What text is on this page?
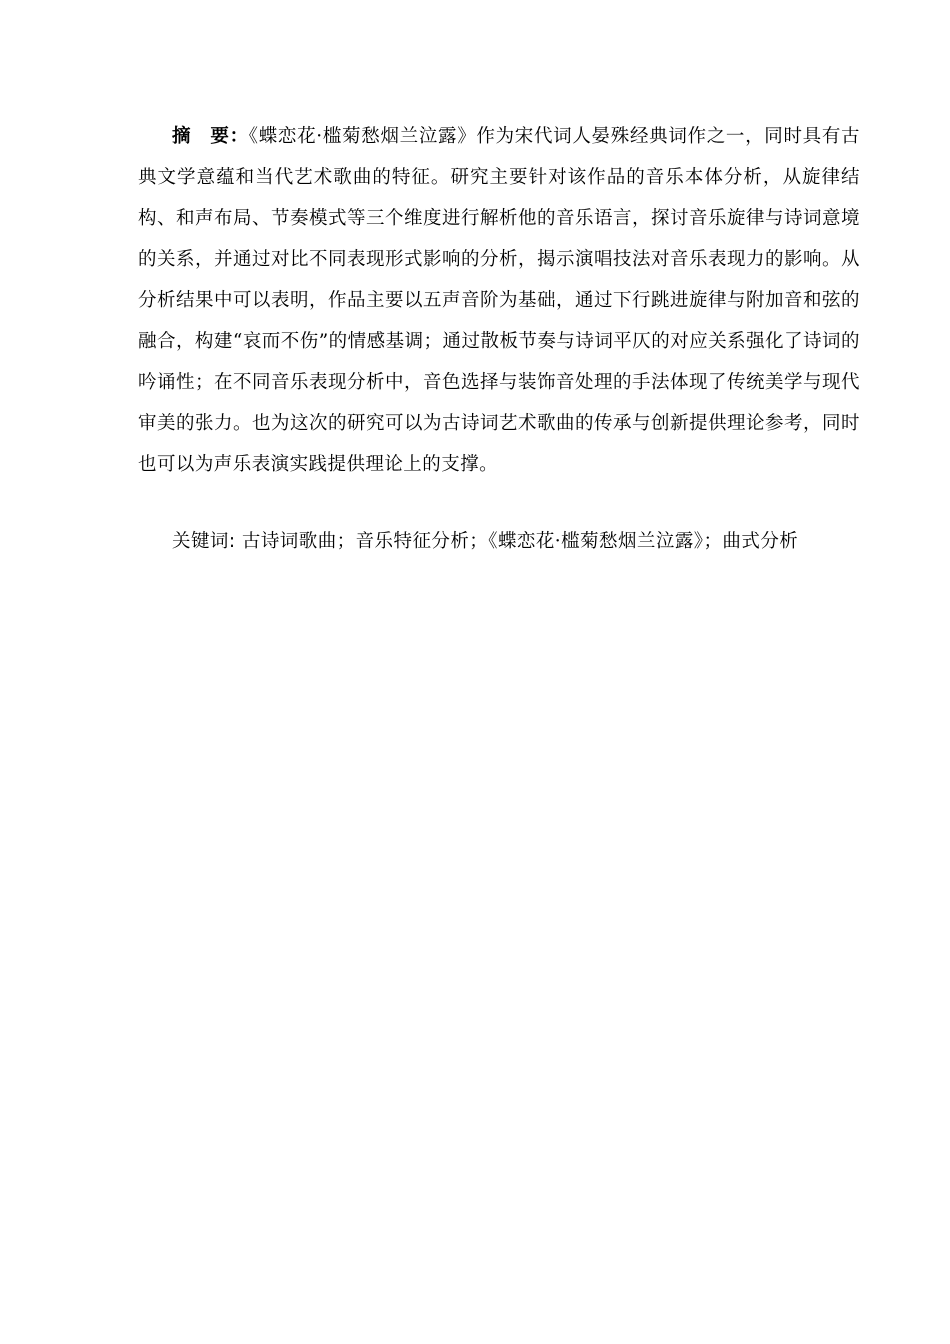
摘　要：《蝶恋花·槛菊愁烟兰泣露》作为宋代词人晏殊经典词作之一，同时具有古典文学意蕴和当代艺术歌曲的特征。研究主要针对该作品的音乐本体分析，从旋律结构、和声布局、节奏模式等三个维度进行解析他的音乐语言，探讨音乐旋律与诗词意境的关系，并通过对比不同表现形式影响的分析，揭示演唱技法对音乐表现力的影响。从分析结果中可以表明，作品主要以五声音阶为基础，通过下行跳进旋律与附加音和弦的融合，构建“哀而不伤”的情感基调；通过散板节奏与诗词平仄的对应关系强化了诗词的吟诵性；在不同音乐表现分析中，音色选择与装饰音处理的手法体现了传统美学与现代审美的张力。也为这次的研究可以为古诗词艺术歌曲的传承与创新提供理论参考，同时也可以为声乐表演实践提供理论上的支撑。

关键词: 古诗词歌曲；音乐特征分析；《蝶恋花·槛菊愁烟兰泣露》；曲式分析
